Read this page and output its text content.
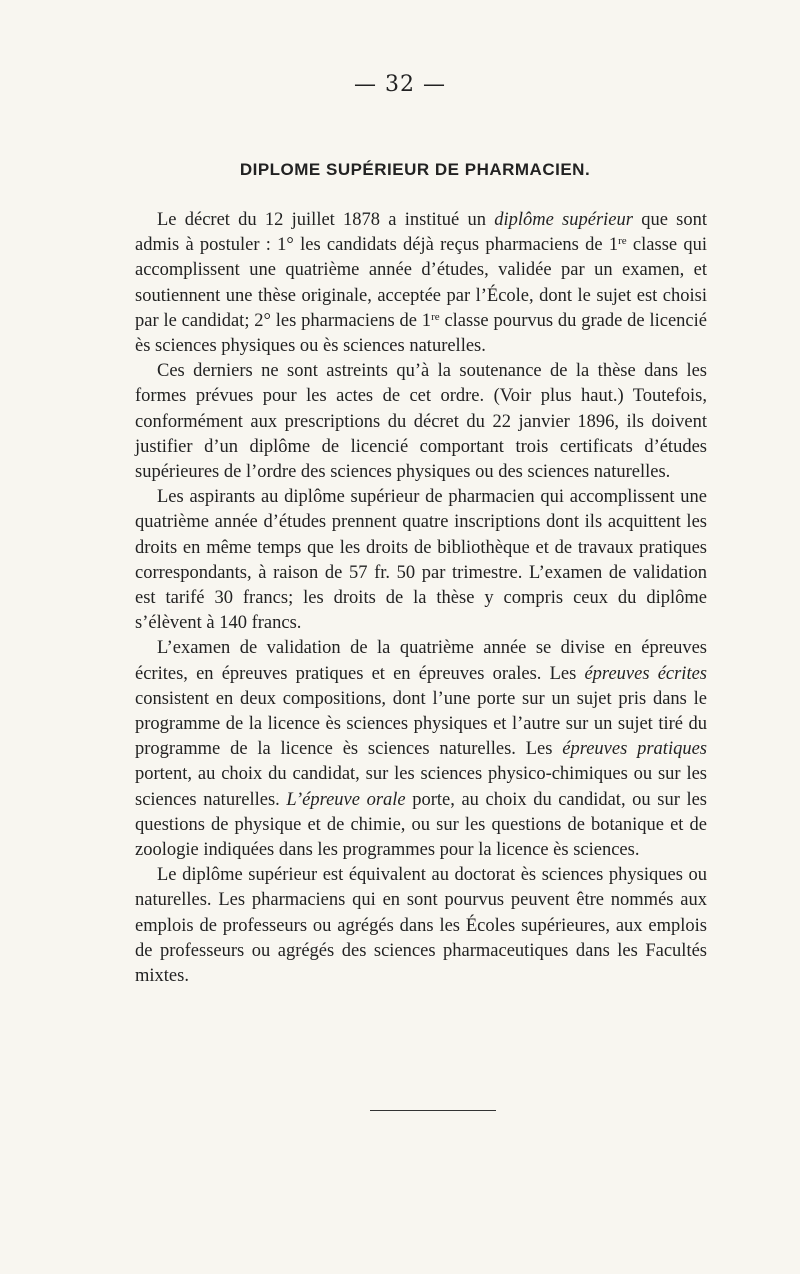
— 32 —
DIPLOME SUPÉRIEUR DE PHARMACIEN.

Le décret du 12 juillet 1878 a institué un diplôme supérieur que sont admis à postuler : 1° les candidats déjà reçus pharmaciens de 1re classe qui accomplissent une quatrième année d’études, validée par un examen, et soutiennent une thèse originale, acceptée par l’École, dont le sujet est choisi par le candidat; 2° les pharmaciens de 1re classe pourvus du grade de licencié ès sciences physiques ou ès sciences naturelles.

Ces derniers ne sont astreints qu’à la soutenance de la thèse dans les formes prévues pour les actes de cet ordre. (Voir plus haut.) Toutefois, conformément aux prescriptions du décret du 22 janvier 1896, ils doivent justifier d’un diplôme de licencié comportant trois certificats d’études supérieures de l’ordre des sciences physiques ou des sciences naturelles.

Les aspirants au diplôme supérieur de pharmacien qui accomplissent une quatrième année d’études prennent quatre inscriptions dont ils acquittent les droits en même temps que les droits de bibliothèque et de travaux pratiques correspondants, à raison de 57 fr. 50 par trimestre. L’examen de validation est tarifé 30 francs; les droits de la thèse y compris ceux du diplôme s’élèvent à 140 francs.

L’examen de validation de la quatrième année se divise en épreuves écrites, en épreuves pratiques et en épreuves orales. Les épreuves écrites consistent en deux compositions, dont l’une porte sur un sujet pris dans le programme de la licence ès sciences physiques et l’autre sur un sujet tiré du programme de la licence ès sciences naturelles. Les épreuves pratiques portent, au choix du candidat, sur les sciences physico-chimiques ou sur les sciences naturelles. L’épreuve orale porte, au choix du candidat, ou sur les questions de physique et de chimie, ou sur les questions de botanique et de zoologie indiquées dans les programmes pour la licence ès sciences.

Le diplôme supérieur est équivalent au doctorat ès sciences physiques ou naturelles. Les pharmaciens qui en sont pourvus peuvent être nommés aux emplois de professeurs ou agrégés dans les Écoles supérieures, aux emplois de professeurs ou agrégés des sciences pharmaceutiques dans les Facultés mixtes.
